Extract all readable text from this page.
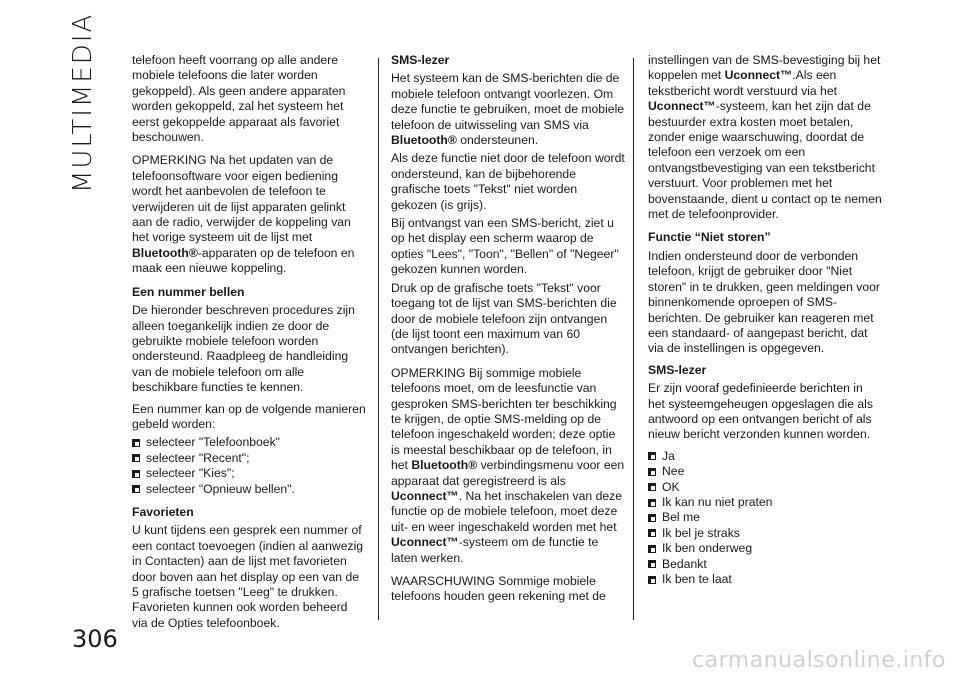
MULTIMEDIA
306

telefoon heeft voorrang op alle andere mobiele telefoons die later worden gekoppeld). Als geen andere apparaten worden gekoppeld, zal het systeem het eerst gekoppelde apparaat als favoriet beschouwen.

OPMERKING Na het updaten van de telefoonsoftware voor eigen bediening wordt het aanbevolen de telefoon te verwijderen uit de lijst apparaten gelinkt aan de radio, verwijder de koppeling van het vorige systeem uit de lijst met Bluetooth®-apparaten op de telefoon en maak een nieuwe koppeling.

Een nummer bellen

De hieronder beschreven procedures zijn alleen toegankelijk indien ze door de gebruikte mobiele telefoon worden ondersteund. Raadpleeg de handleiding van de mobiele telefoon om alle beschikbare functies te kennen.

Een nummer kan op de volgende manieren gebeld worden:

selecteer "Telefoonboek"
selecteer "Recent";
selecteer "Kies";
selecteer "Opnieuw bellen".

Favorieten

U kunt tijdens een gesprek een nummer of een contact toevoegen (indien al aanwezig in Contacten) aan de lijst met favorieten door boven aan het display op een van de 5 grafische toetsen "Leeg" te drukken. Favorieten kunnen ook worden beheerd via de Opties telefoonboek.

SMS-lezer

Het systeem kan de SMS-berichten die de mobiele telefoon ontvangt voorlezen. Om deze functie te gebruiken, moet de mobiele telefoon de uitwisseling van SMS via Bluetooth® ondersteunen.

Als deze functie niet door de telefoon wordt ondersteund, kan de bijbehorende grafische toets "Tekst" niet worden gekozen (is grijs).

Bij ontvangst van een SMS-bericht, ziet u op het display een scherm waarop de opties "Lees", "Toon", "Bellen" of "Negeer" gekozen kunnen worden.

Druk op de grafische toets "Tekst" voor toegang tot de lijst van SMS-berichten die door de mobiele telefoon zijn ontvangen (de lijst toont een maximum van 60 ontvangen berichten).

OPMERKING Bij sommige mobiele telefoons moet, om de leesfunctie van gesproken SMS-berichten ter beschikking te krijgen, de optie SMS-melding op de telefoon ingeschakeld worden; deze optie is meestal beschikbaar op de telefoon, in het Bluetooth® verbindingsmenu voor een apparaat dat geregistreerd is als Uconnect™. Na het inschakelen van deze functie op de mobiele telefoon, moet deze uit- en weer ingeschakeld worden met het Uconnect™-systeem om de functie te laten werken.

WAARSCHUWING Sommige mobiele telefoons houden geen rekening met de

instellingen van de SMS-bevestiging bij het koppelen met Uconnect™.Als een tekstbericht wordt verstuurd via het Uconnect™-systeem, kan het zijn dat de bestuurder extra kosten moet betalen, zonder enige waarschuwing, doordat de telefoon een verzoek om een ontvangstbevestiging van een tekstbericht verstuurt. Voor problemen met het bovenstaande, dient u contact op te nemen met de telefoonprovider.

Functie “Niet storen”

Indien ondersteund door de verbonden telefoon, krijgt de gebruiker door "Niet storen" in te drukken, geen meldingen voor binnenkomende oproepen of SMS-berichten. De gebruiker kan reageren met een standaard- of aangepast bericht, dat via de instellingen is opgegeven.

SMS-lezer

Er zijn vooraf gedefinieerde berichten in het systeemgeheugen opgeslagen die als antwoord op een ontvangen bericht of als nieuw bericht verzonden kunnen worden.

Ja
Nee
OK
Ik kan nu niet praten
Bel me
Ik bel je straks
Ik ben onderweg
Bedankt
Ik ben te laat
carmanualsonline.info
